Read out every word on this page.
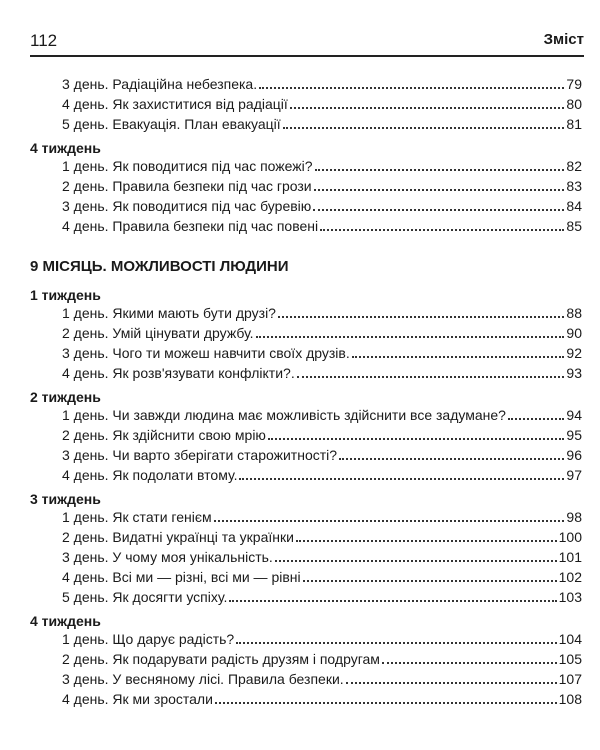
112	Зміст
3 день. Радіаційна небезпека.	79
4 день. Як захиститися від радіації	80
5 день. Евакуація. План евакуації	81
4 тиждень
1 день. Як поводитися під час пожежі?	82
2 день. Правила безпеки під час грози	83
3 день. Як поводитися під час буревію	84
4 день. Правила безпеки під час повені	85
9 МІСЯЦЬ. МОЖЛИВОСТІ ЛЮДИНИ
1 тиждень
1 день. Якими мають бути друзі?	88
2 день. Умій цінувати дружбу.	90
3 день. Чого ти можеш навчити своїх друзів.	92
4 день. Як розв'язувати конфлікти?.	93
2 тиждень
1 день. Чи завжди людина має можливість здійснити все задумане?	94
2 день. Як здійснити свою мрію	95
3 день. Чи варто зберігати старожитності?	96
4 день. Як подолати втому.	97
3 тиждень
1 день. Як стати генієм	98
2 день. Видатні українці та українки	100
3 день. У чому моя унікальність.	101
4 день. Всі ми — різні, всі ми — рівні	102
5 день. Як досягти успіху.	103
4 тиждень
1 день. Що дарує радість?	104
2 день. Як подарувати радість друзям і подругам	105
3 день. У весняному лісі. Правила безпеки.	107
4 день. Як ми зростали	108
